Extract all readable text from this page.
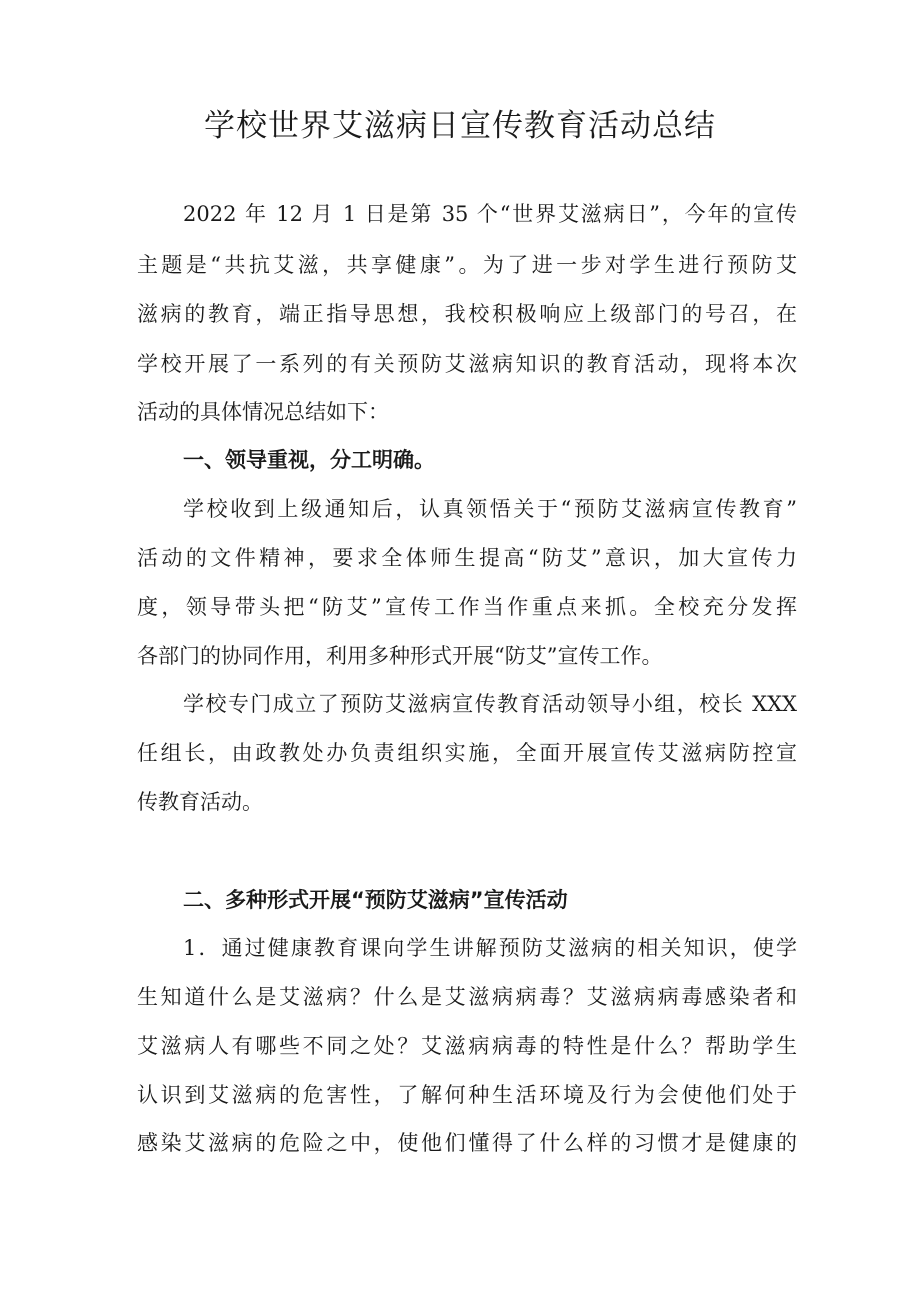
学校世界艾滋病日宣传教育活动总结

2022 年 12 月 1 日是第 35 个“世界艾滋病日”，今年的宣传

主题是“共抗艾滋，共享健康”。为了进一步对学生进行预防艾

滋病的教育，端正指导思想，我校积极响应上级部门的号召，在

学校开展了一系列的有关预防艾滋病知识的教育活动，现将本次

活动的具体情况总结如下：

一、领导重视，分工明确。

学校收到上级通知后，认真领悟关于“预防艾滋病宣传教育”

活动的文件精神，要求全体师生提高“防艾”意识，加大宣传力

度，领导带头把“防艾”宣传工作当作重点来抓。全校充分发挥

各部门的协同作用，利用多种形式开展“防艾”宣传工作。

学校专门成立了预防艾滋病宣传教育活动领导小组，校长 XXX

任组长，由政教处办负责组织实施，全面开展宣传艾滋病防控宣

传教育活动。

二、多种形式开展“预防艾滋病”宣传活动

1．通过健康教育课向学生讲解预防艾滋病的相关知识，使学

生知道什么是艾滋病？什么是艾滋病病毒？艾滋病病毒感染者和

艾滋病人有哪些不同之处？艾滋病病毒的特性是什么？帮助学生

认识到艾滋病的危害性，了解何种生活环境及行为会使他们处于

感染艾滋病的危险之中，使他们懂得了什么样的习惯才是健康的
